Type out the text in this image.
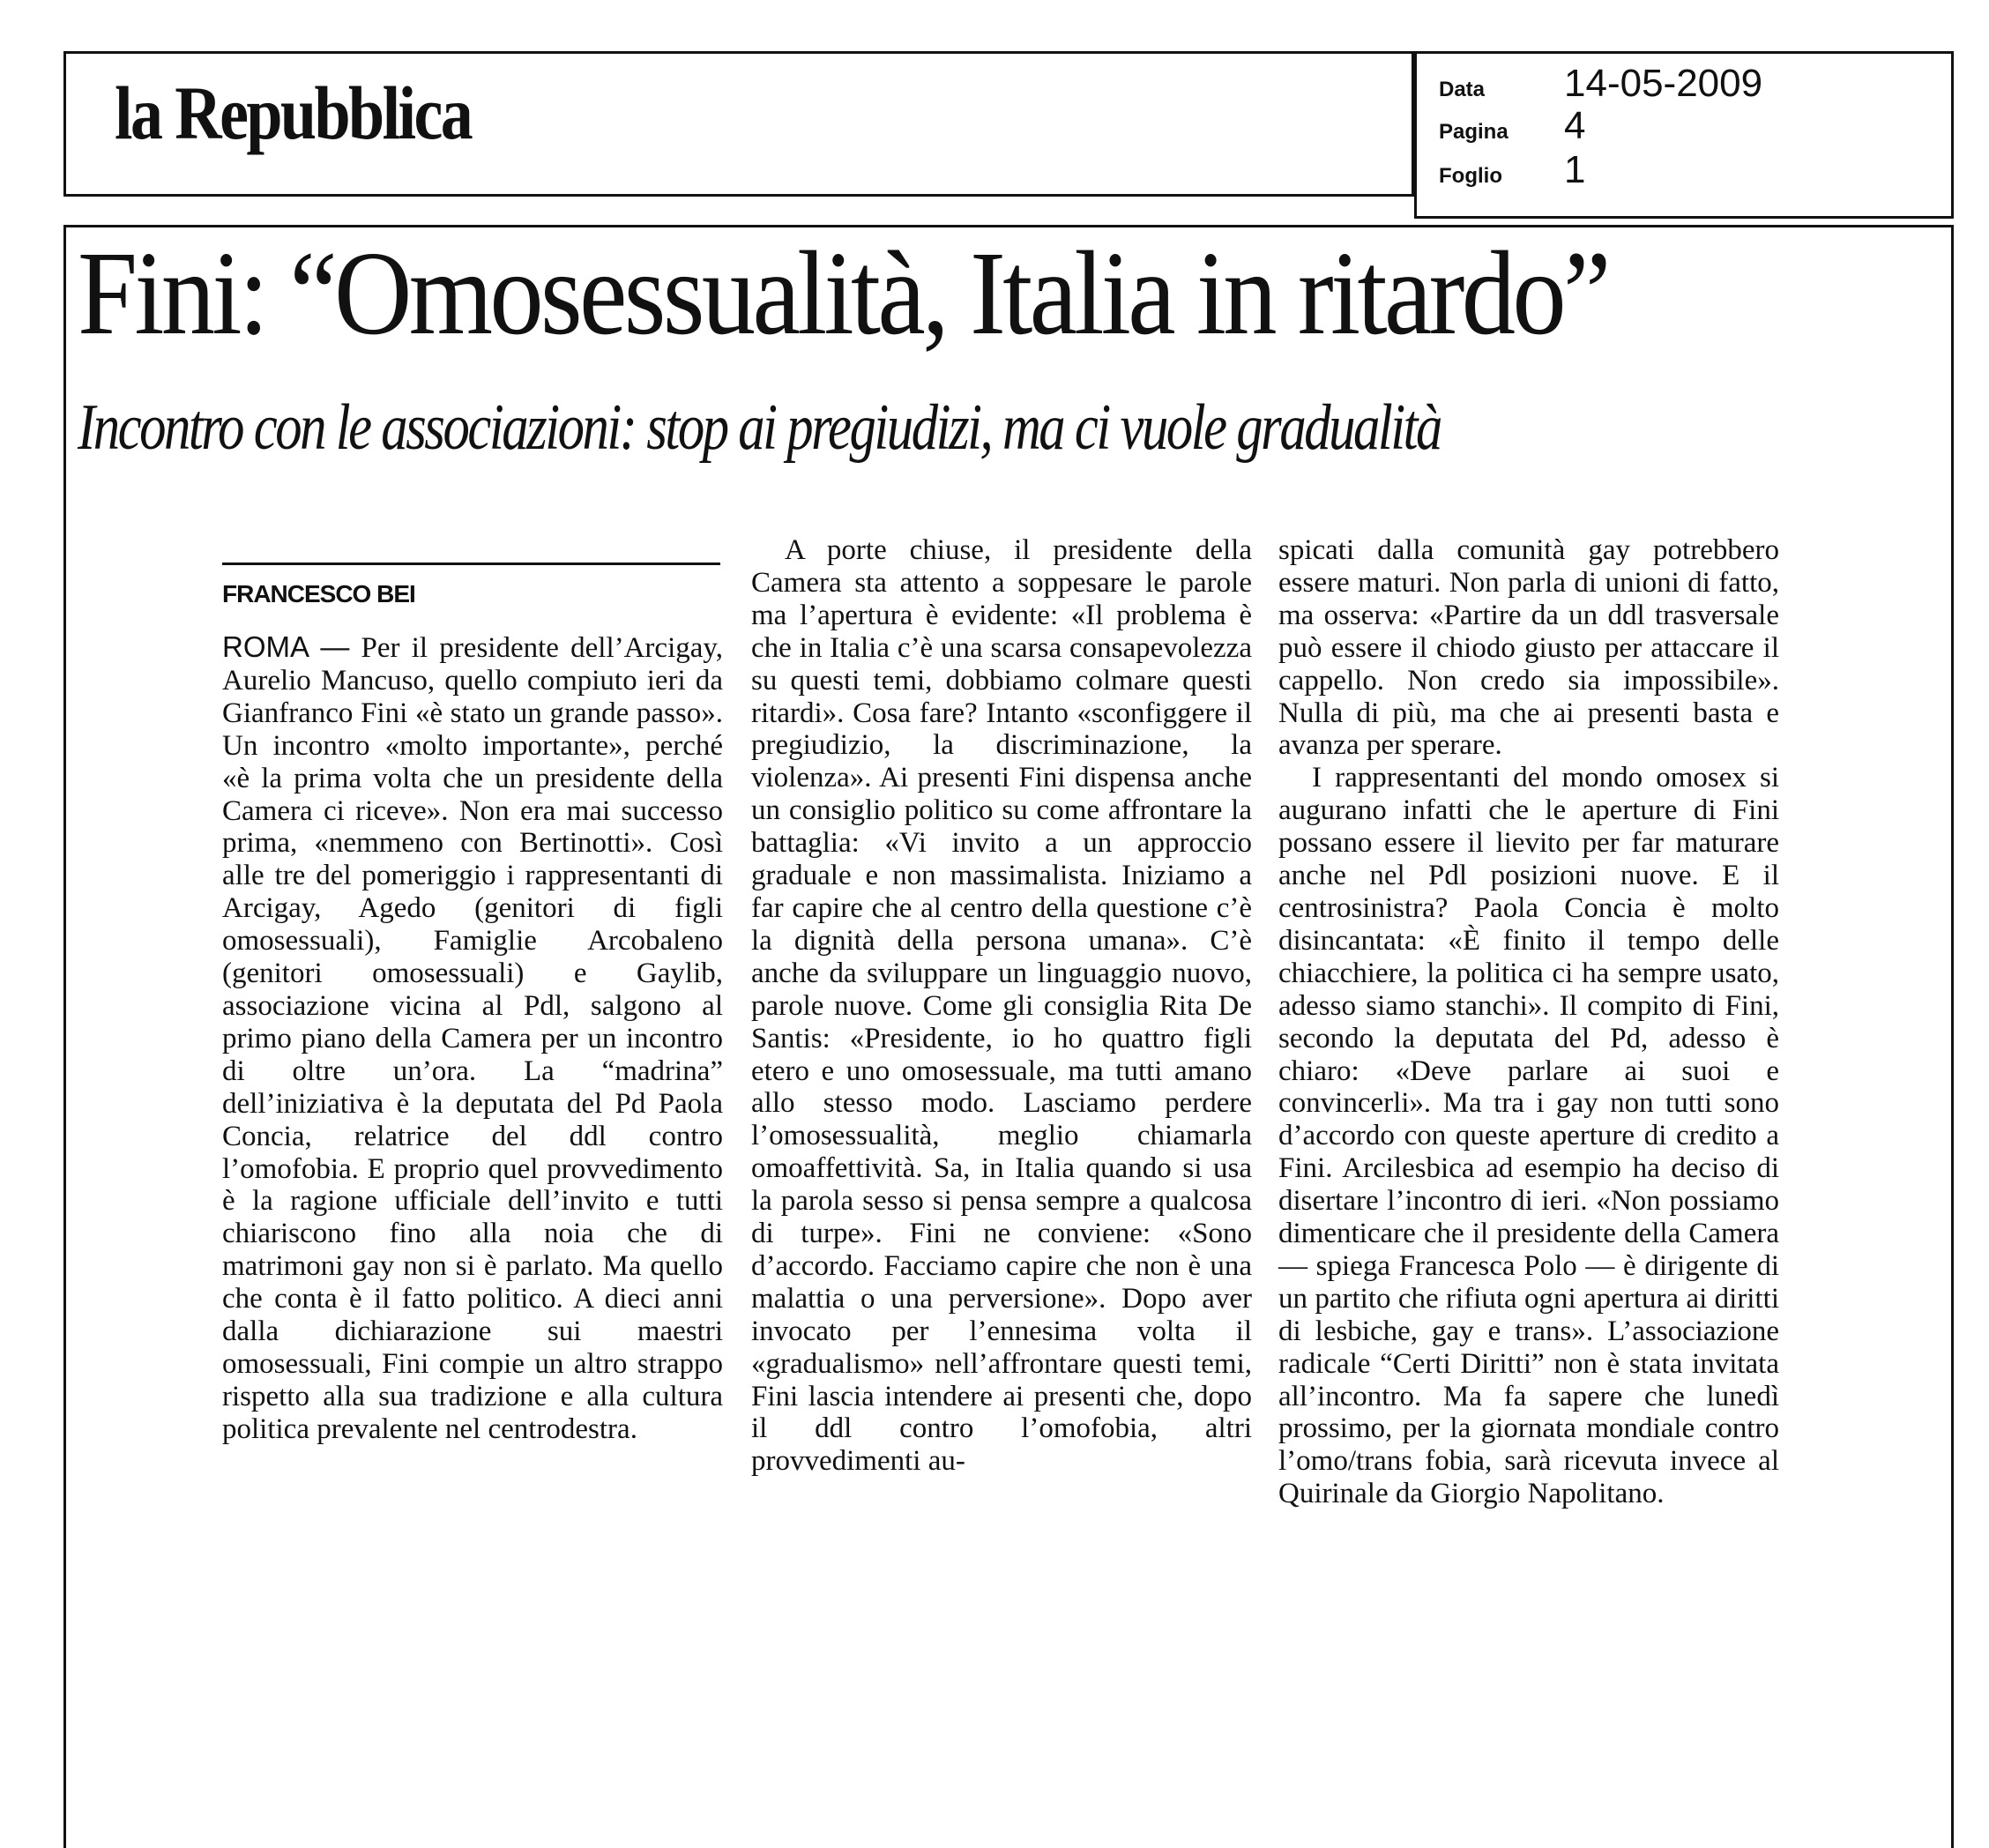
la Repubblica	Data 14-05-2009
Pagina 4
Foglio 1
Fini: “Omosessualità, Italia in ritardo”
Incontro con le associazioni: stop ai pregiudizi, ma ci vuole gradualità
FRANCESCO BEI

ROMA — Per il presidente dell’Arcigay, Aurelio Mancuso, quello compiuto ieri da Gianfranco Fini «è stato un grande passo». Un incontro «molto importante», perché «è la prima volta che un presidente della Camera ci riceve». Non era mai successo prima, «nemmeno con Bertinotti». Così alle tre del pomeriggio i rappresentanti di Arcigay, Agedo (genitori di figli omosessuali), Famiglie Arcobaleno (genitori omosessuali) e Gaylib, associazione vicina al Pdl, salgono al primo piano della Camera per un incontro di oltre un’ora. La “madrina” dell’iniziativa è la deputata del Pd Paola Concia, relatrice del ddl contro l’omofobia. E proprio quel provvedimento è la ragione ufficiale dell’invito e tutti chiariscono fino alla noia che di matrimoni gay non si è parlato. Ma quello che conta è il fatto politico. A dieci anni dalla dichiarazione sui maestri omosessuali, Fini compie un altro strappo rispetto alla sua tradizione e alla cultura politica prevalente nel centrodestra.

A porte chiuse, il presidente della Camera sta attento a soppesare le parole ma l’apertura è evidente: «Il problema è che in Italia c’è una scarsa consapevolezza su questi temi, dobbiamo colmare questi ritardi». Cosa fare? Intanto «sconfiggere il pregiudizio, la discriminazione, la violenza». Ai presenti Fini dispensa anche un consiglio politico su come affrontare la battaglia: «Vi invito a un approccio graduale e non massimalista. Iniziamo a far capire che al centro della questione c’è la dignità della persona umana». C’è anche da sviluppare un linguaggio nuovo, parole nuove. Come gli consiglia Rita De Santis: «Presidente, io ho quattro figli etero e uno omosessuale, ma tutti amano allo stesso modo. Lasciamo perdere l’omosessualità, meglio chiamarla omoaffettività. Sa, in Italia quando si usa la parola sesso si pensa sempre a qualcosa di turpe». Fini ne conviene: «Sono d’accordo. Facciamo capire che non è una malattia o una perversione». Dopo aver invocato per l’ennesima volta il «gradualismo» nell’affrontare questi temi, Fini lascia intendere ai presenti che, dopo il ddl contro l’omofobia, altri provvedimenti au-

spicati dalla comunità gay potrebbero essere maturi. Non parla di unioni di fatto, ma osserva: «Partire da un ddl trasversale può essere il chiodo giusto per attaccare il cappello. Non credo sia impossibile». Nulla di più, ma che ai presenti basta e avanza per sperare.

I rappresentanti del mondo omosex si augurano infatti che le aperture di Fini possano essere il lievito per far maturare anche nel Pdl posizioni nuove. E il centrosinistra? Paola Concia è molto disincantata: «È finito il tempo delle chiacchiere, la politica ci ha sempre usato, adesso siamo stanchi». Il compito di Fini, secondo la deputata del Pd, adesso è chiaro: «Deve parlare ai suoi e convincerli». Ma tra i gay non tutti sono d’accordo con queste aperture di credito a Fini. Arcilesbica ad esempio ha deciso di disertare l’incontro di ieri. «Non possiamo dimenticare che il presidente della Camera — spiega Francesca Polo — è dirigente di un partito che rifiuta ogni apertura ai diritti di lesbiche, gay e trans». L’associazione radicale “Certi Diritti” non è stata invitata all’incontro. Ma fa sapere che lunedì prossimo, per la giornata mondiale contro l’omo/trans fobia, sarà ricevuta invece al Quirinale da Giorgio Napolitano.
